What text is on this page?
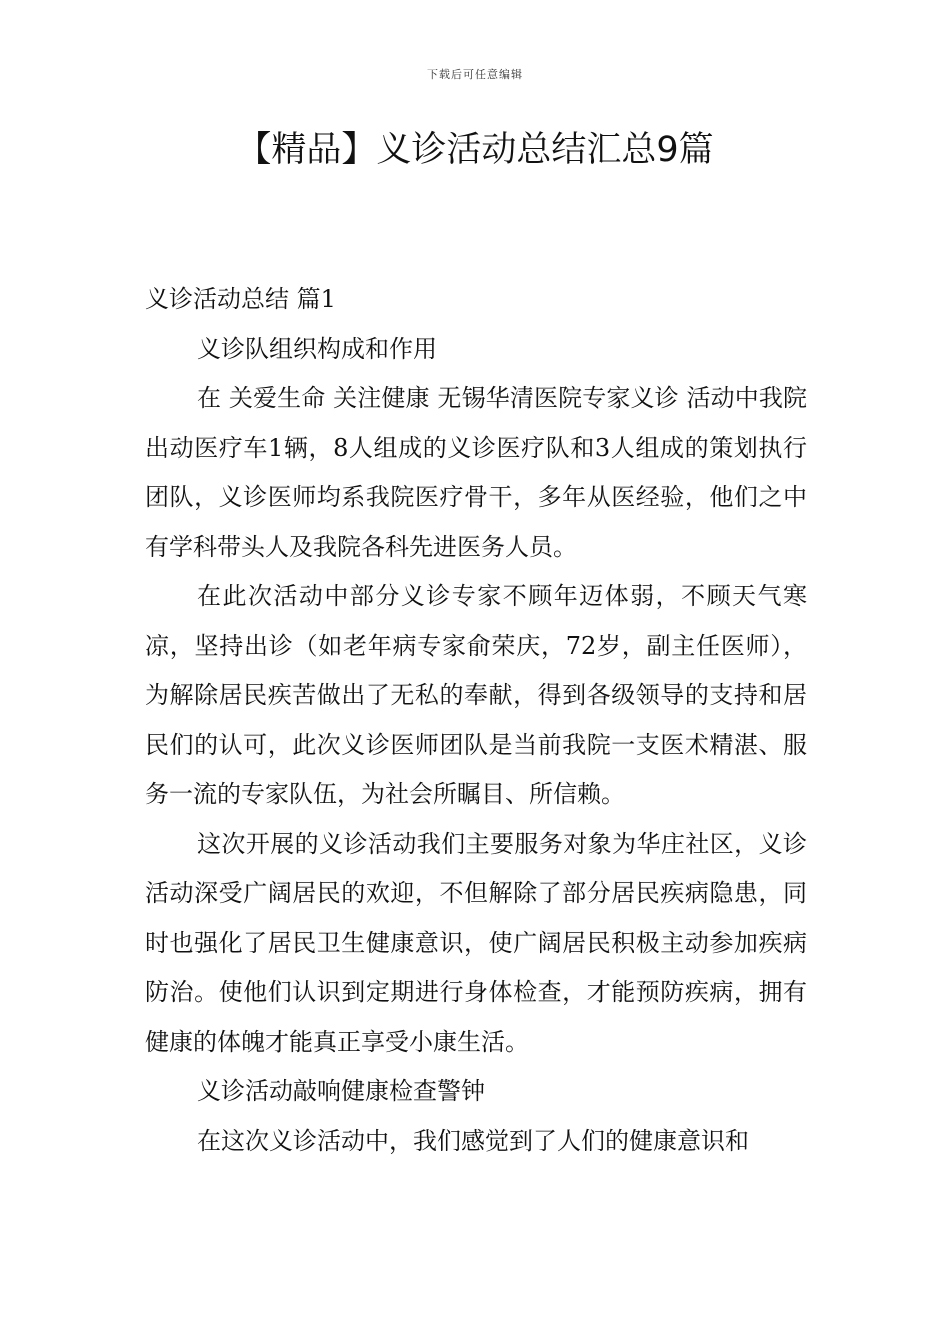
下载后可任意编辑
【精品】义诊活动总结汇总9篇

义诊活动总结 篇1

义诊队组织构成和作用

在 关爱生命 关注健康 无锡华清医院专家义诊 活动中我院出动医疗车1辆，8人组成的义诊医疗队和3人组成的策划执行团队，义诊医师均系我院医疗骨干，多年从医经验，他们之中有学科带头人及我院各科先进医务人员。

在此次活动中部分义诊专家不顾年迈体弱，不顾天气寒凉，坚持出诊（如老年病专家俞荣庆，72岁，副主任医师），为解除居民疾苦做出了无私的奉献，得到各级领导的支持和居民们的认可，此次义诊医师团队是当前我院一支医术精湛、服务一流的专家队伍，为社会所瞩目、所信赖。

这次开展的义诊活动我们主要服务对象为华庄社区，义诊活动深受广阔居民的欢迎，不但解除了部分居民疾病隐患，同时也强化了居民卫生健康意识，使广阔居民积极主动参加疾病防治。使他们认识到定期进行身体检查，才能预防疾病，拥有健康的体魄才能真正享受小康生活。

义诊活动敲响健康检查警钟

在这次义诊活动中，我们感觉到了人们的健康意识和
